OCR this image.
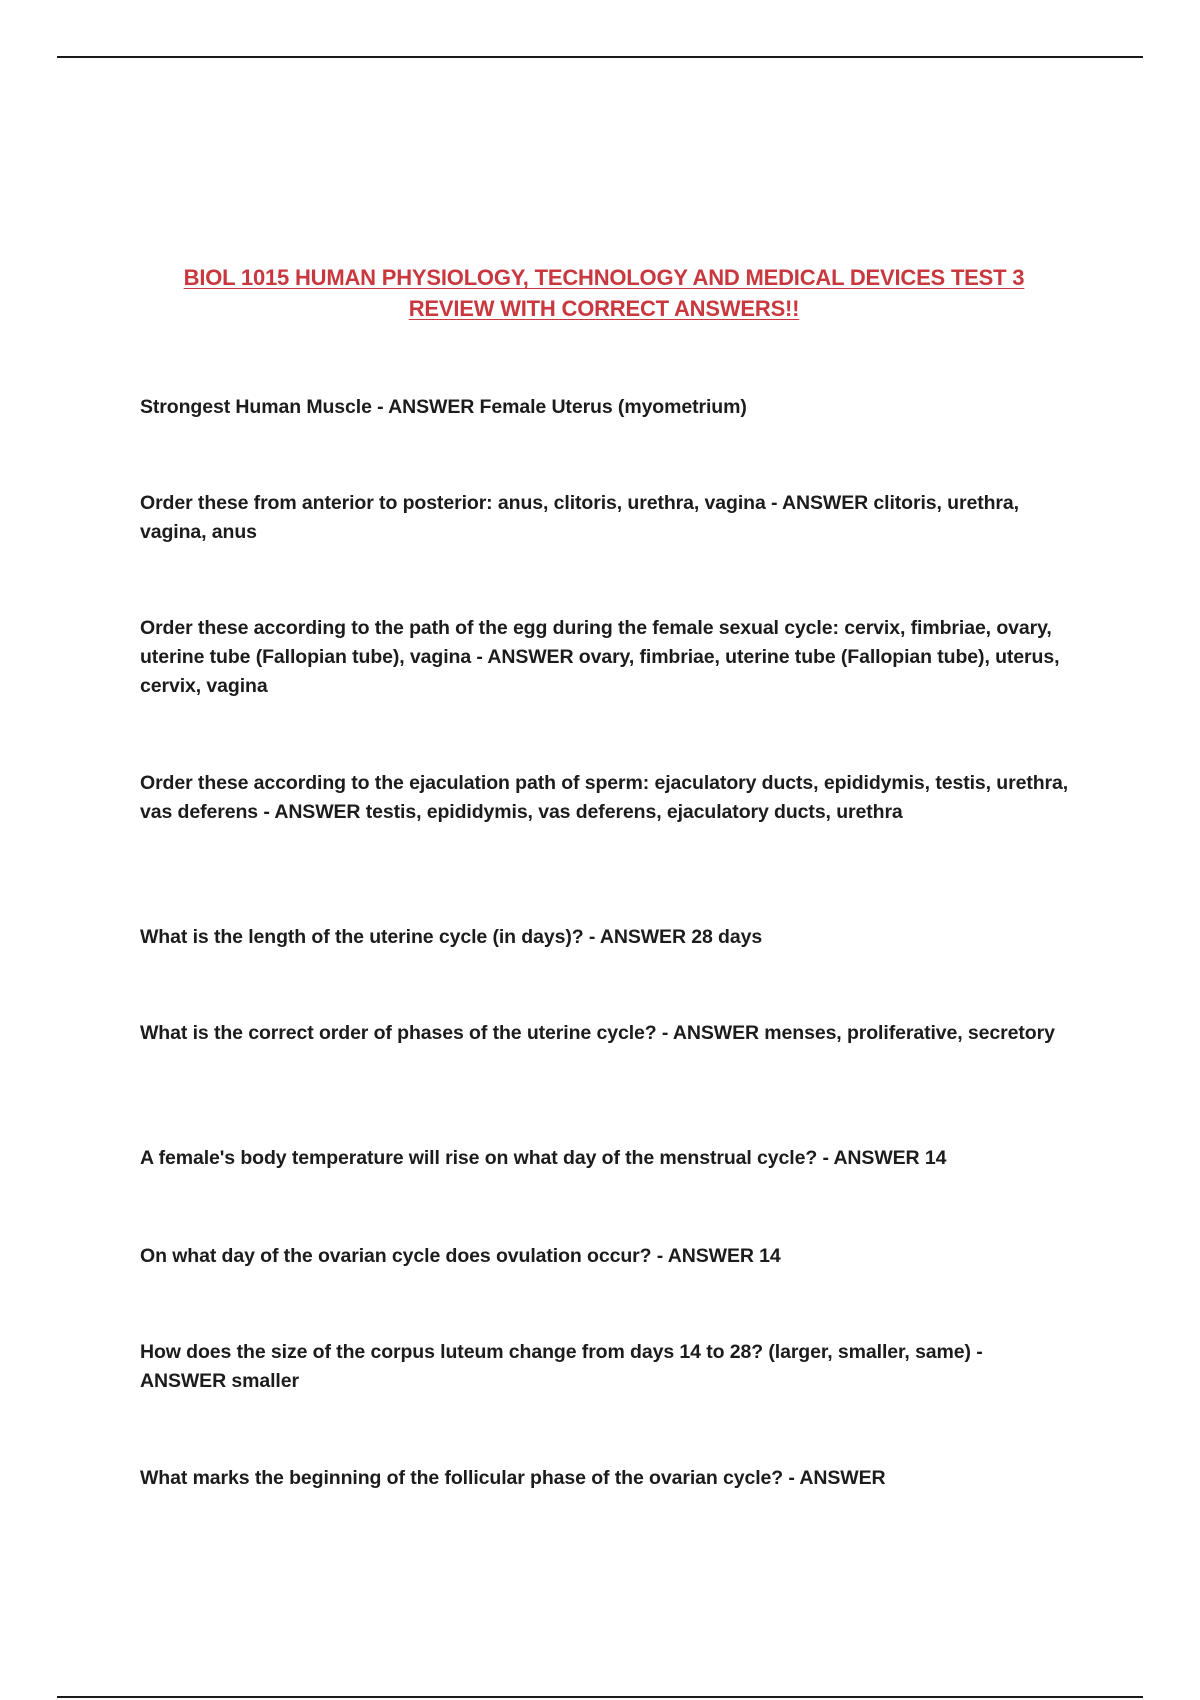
BIOL 1015 HUMAN PHYSIOLOGY, TECHNOLOGY AND MEDICAL DEVICES TEST 3 REVIEW WITH CORRECT ANSWERS!!
Strongest Human Muscle - ANSWER Female Uterus (myometrium)
Order these from anterior to posterior: anus, clitoris, urethra, vagina - ANSWER clitoris, urethra, vagina, anus
Order these according to the path of the egg during the female sexual cycle: cervix, fimbriae, ovary, uterine tube (Fallopian tube), vagina - ANSWER ovary, fimbriae, uterine tube (Fallopian tube), uterus, cervix, vagina
Order these according to the ejaculation path of sperm: ejaculatory ducts, epididymis, testis, urethra, vas deferens - ANSWER testis, epididymis, vas deferens, ejaculatory ducts, urethra
What is the length of the uterine cycle (in days)? - ANSWER 28 days
What is the correct order of phases of the uterine cycle? - ANSWER menses, proliferative, secretory
A female's body temperature will rise on what day of the menstrual cycle? - ANSWER 14
On what day of the ovarian cycle does ovulation occur? - ANSWER 14
How does the size of the corpus luteum change from days 14 to 28? (larger, smaller, same) - ANSWER smaller
What marks the beginning of the follicular phase of the ovarian cycle? - ANSWER
